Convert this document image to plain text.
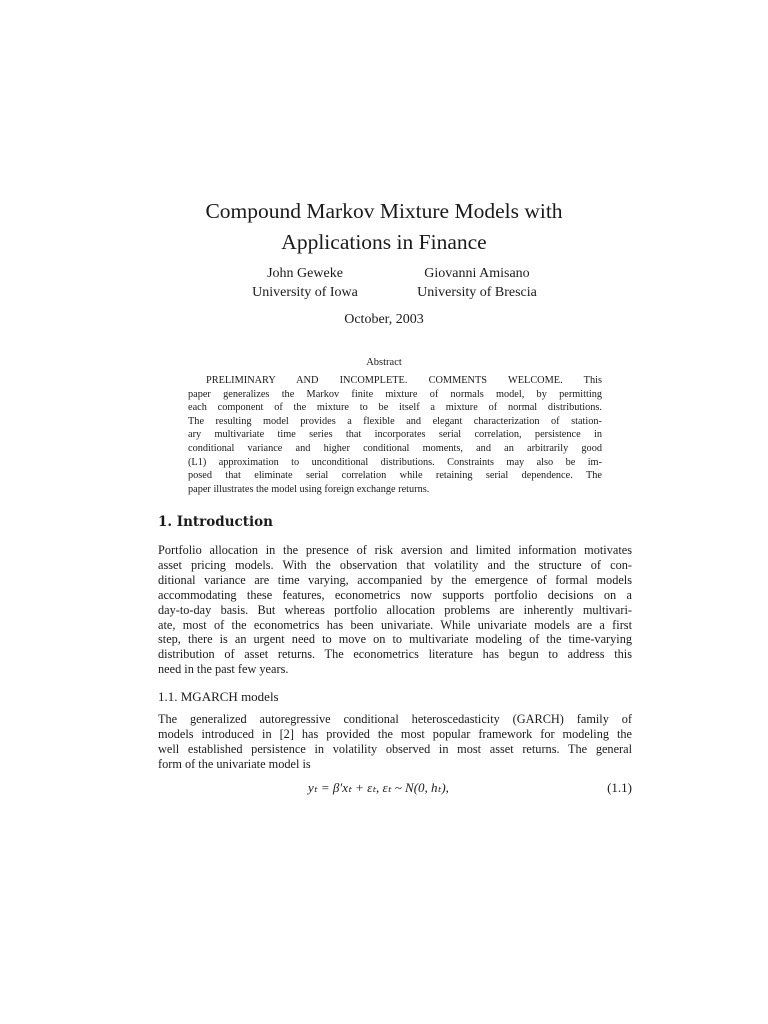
Compound Markov Mixture Models with
Applications in Finance
John Geweke
University of Iowa
Giovanni Amisano
University of Brescia
October, 2003
Abstract
PRELIMINARY AND INCOMPLETE. COMMENTS WELCOME. This
paper generalizes the Markov finite mixture of normals model, by permitting
each component of the mixture to be itself a mixture of normal distributions.
The resulting model provides a flexible and elegant characterization of station-
ary multivariate time series that incorporates serial correlation, persistence in
conditional variance and higher conditional moments, and an arbitrarily good
(L1) approximation to unconditional distributions. Constraints may also be im-
posed that eliminate serial correlation while retaining serial dependence. The
paper illustrates the model using foreign exchange returns.
1. Introduction
Portfolio allocation in the presence of risk aversion and limited information motivates
asset pricing models. With the observation that volatility and the structure of con-
ditional variance are time varying, accompanied by the emergence of formal models
accommodating these features, econometrics now supports portfolio decisions on a
day-to-day basis. But whereas portfolio allocation problems are inherently multivari-
ate, most of the econometrics has been univariate. While univariate models are a first
step, there is an urgent need to move on to multivariate modeling of the time-varying
distribution of asset returns. The econometrics literature has begun to address this
need in the past few years.
1.1. MGARCH models
The generalized autoregressive conditional heteroscedasticity (GARCH) family of
models introduced in [2] has provided the most popular framework for modeling the
well established persistence in volatility observed in most asset returns. The general
form of the univariate model is
yₜ = β′xₜ + εₜ, εₜ ~ N(0, hₜ),	(1.1)
